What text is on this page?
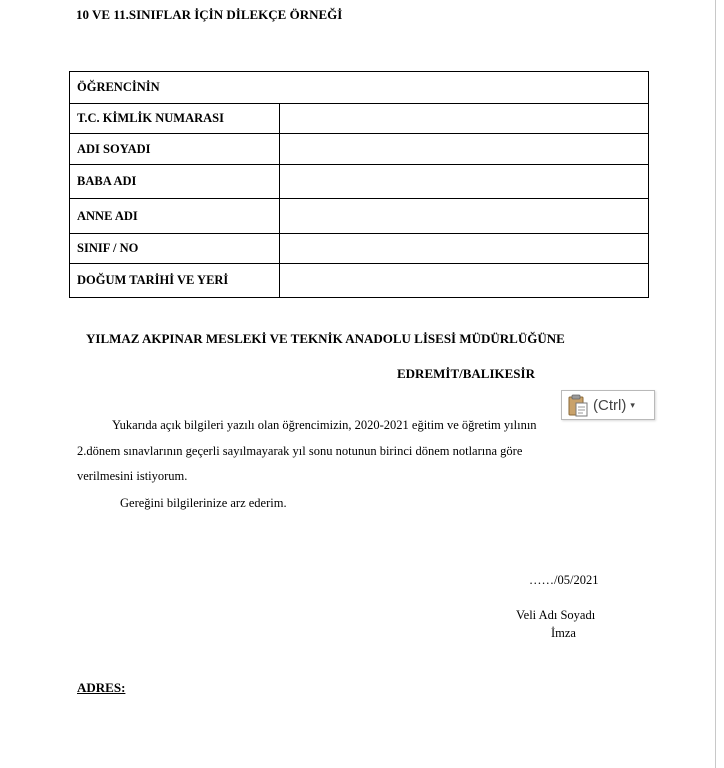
10 VE 11.SINIFLAR İÇİN DİLEKÇE ÖRNEĞİ
ÖĞRENCİNİN	
T.C. KİMLİK NUMARASI	
ADI SOYADI	
BABA ADI	
ANNE ADI	
SINIF / NO	
DOĞUM TARİHİ VE YERİ	
YILMAZ AKPINAR MESLEKİ VE TEKNİK ANADOLU LİSESİ MÜDÜRLÜĞÜNE
EDREMİT/BALIKESİR
Yukarıda açık bilgileri yazılı olan öğrencimizin, 2020-2021 eğitim ve öğretim yılının
2.dönem sınavlarının geçerli sayılmayarak yıl sonu notunun birinci dönem notlarına göre
verilmesini istiyorum.
Gereğini bilgilerinize arz ederim.
……/05/2021
Veli Adı Soyadı
İmza
ADRES:
(Ctrl) ▾
